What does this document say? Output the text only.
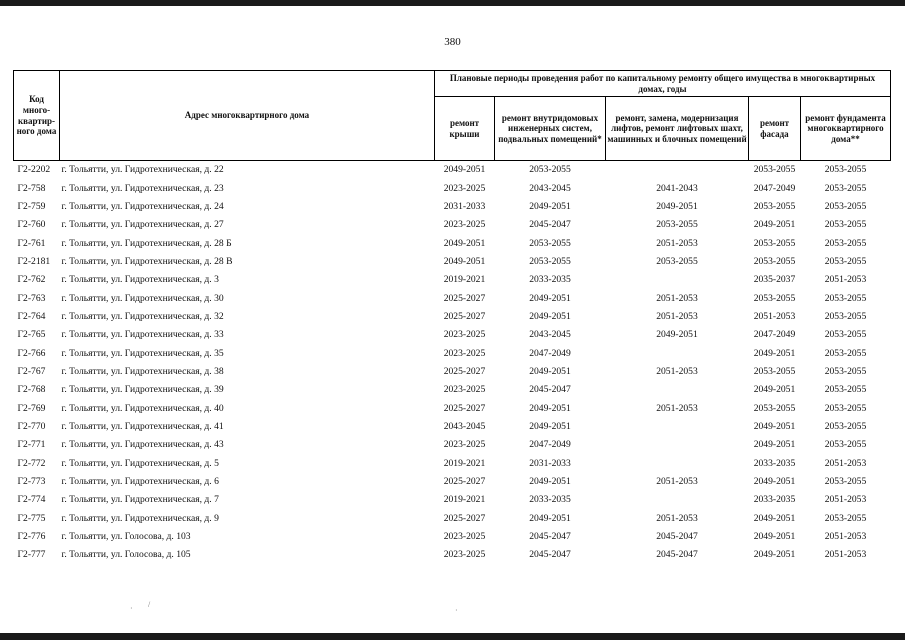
380
Код много-квартир-ного дома	Адрес многоквартирного дома	Плановые периоды проведения работ по капитальному ремонту общего имущества в многоквартирных домах, годы				
		ремонт крыши	ремонт внутридомовых инженерных систем, подвальных помещений*	ремонт, замена, модернизация лифтов, ремонт лифтовых шахт, машинных и блочных помещений	ремонт фасада	ремонт фундамента многоквартирного дома**
Г2-2202	г. Тольятти, ул. Гидротехническая, д. 22	2049-2051	2053-2055		2053-2055	2053-2055
Г2-758	г. Тольятти, ул. Гидротехническая, д. 23	2023-2025	2043-2045	2041-2043	2047-2049	2053-2055
Г2-759	г. Тольятти, ул. Гидротехническая, д. 24	2031-2033	2049-2051	2049-2051	2053-2055	2053-2055
Г2-760	г. Тольятти, ул. Гидротехническая, д. 27	2023-2025	2045-2047	2053-2055	2049-2051	2053-2055
Г2-761	г. Тольятти, ул. Гидротехническая, д. 28 Б	2049-2051	2053-2055	2051-2053	2053-2055	2053-2055
Г2-2181	г. Тольятти, ул. Гидротехническая, д. 28 В	2049-2051	2053-2055	2053-2055	2053-2055	2053-2055
Г2-762	г. Тольятти, ул. Гидротехническая, д. 3	2019-2021	2033-2035		2035-2037	2051-2053
Г2-763	г. Тольятти, ул. Гидротехническая, д. 30	2025-2027	2049-2051	2051-2053	2053-2055	2053-2055
Г2-764	г. Тольятти, ул. Гидротехническая, д. 32	2025-2027	2049-2051	2051-2053	2051-2053	2053-2055
Г2-765	г. Тольятти, ул. Гидротехническая, д. 33	2023-2025	2043-2045	2049-2051	2047-2049	2053-2055
Г2-766	г. Тольятти, ул. Гидротехническая, д. 35	2023-2025	2047-2049		2049-2051	2053-2055
Г2-767	г. Тольятти, ул. Гидротехническая, д. 38	2025-2027	2049-2051	2051-2053	2053-2055	2053-2055
Г2-768	г. Тольятти, ул. Гидротехническая, д. 39	2023-2025	2045-2047		2049-2051	2053-2055
Г2-769	г. Тольятти, ул. Гидротехническая, д. 40	2025-2027	2049-2051	2051-2053	2053-2055	2053-2055
Г2-770	г. Тольятти, ул. Гидротехническая, д. 41	2043-2045	2049-2051		2049-2051	2053-2055
Г2-771	г. Тольятти, ул. Гидротехническая, д. 43	2023-2025	2047-2049		2049-2051	2053-2055
Г2-772	г. Тольятти, ул. Гидротехническая, д. 5	2019-2021	2031-2033		2033-2035	2051-2053
Г2-773	г. Тольятти, ул. Гидротехническая, д. 6	2025-2027	2049-2051	2051-2053	2049-2051	2053-2055
Г2-774	г. Тольятти, ул. Гидротехническая, д. 7	2019-2021	2033-2035		2033-2035	2051-2053
Г2-775	г. Тольятти, ул. Гидротехническая, д. 9	2025-2027	2049-2051	2051-2053	2049-2051	2053-2055
Г2-776	г. Тольятти, ул. Голосова, д. 103	2023-2025	2045-2047	2045-2047	2049-2051	2051-2053
Г2-777	г. Тольятти, ул. Голосова, д. 105	2023-2025	2045-2047	2045-2047	2049-2051	2051-2053
· /
·
